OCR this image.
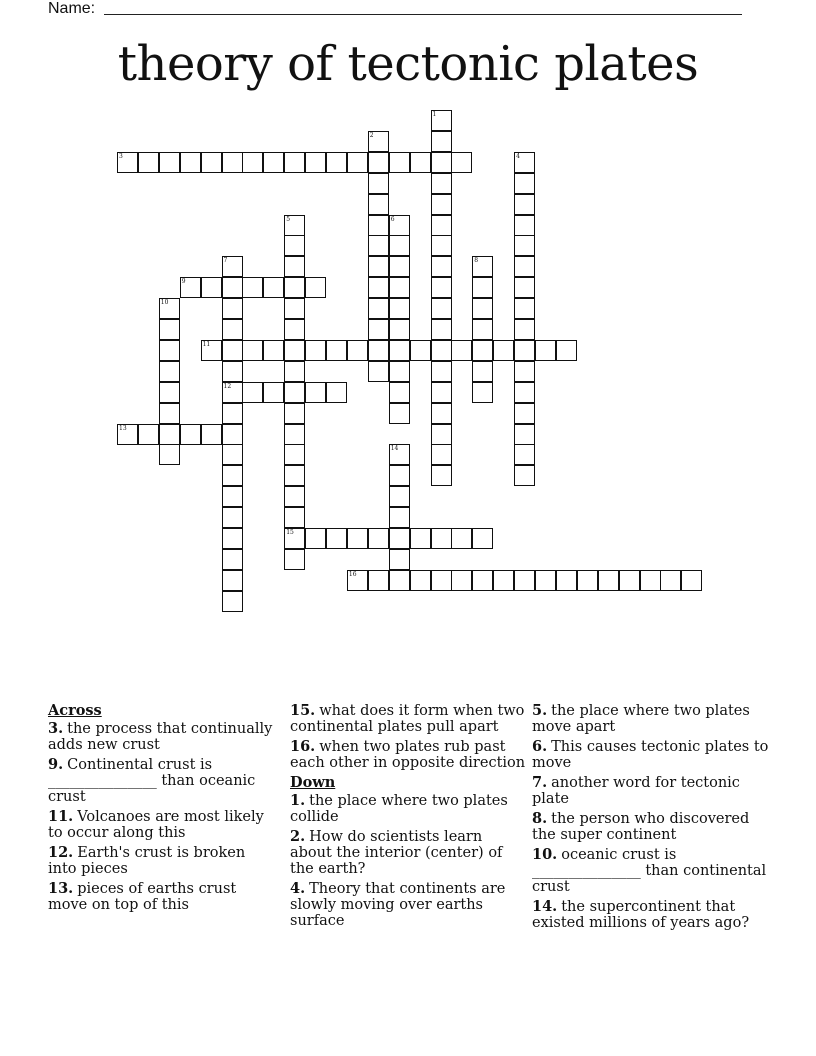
Name:
theory of tectonic plates
1
2
3	4
5
15
6
7
12
8
9
10
11
13
14
16
Across
3. the process that continually adds new crust
9. Continental crust is _______________ than oceanic crust
11. Volcanoes are most likely to occur along this
12. Earth's crust is broken into pieces
13. pieces of earths crust move on top of this
15. what does it form when two continental plates pull apart
16. when two plates rub past each other in opposite direction
Down
1. the place where two plates collide
2. How do scientists learn about the interior (center) of the earth?
4. Theory that continents are slowly moving over earths surface
5. the place where two plates move apart
6. This causes tectonic plates to move
7. another word for tectonic plate
8. the person who discovered the super continent
10. oceanic crust is _______________ than continental crust
14. the supercontinent that existed millions of years ago?
